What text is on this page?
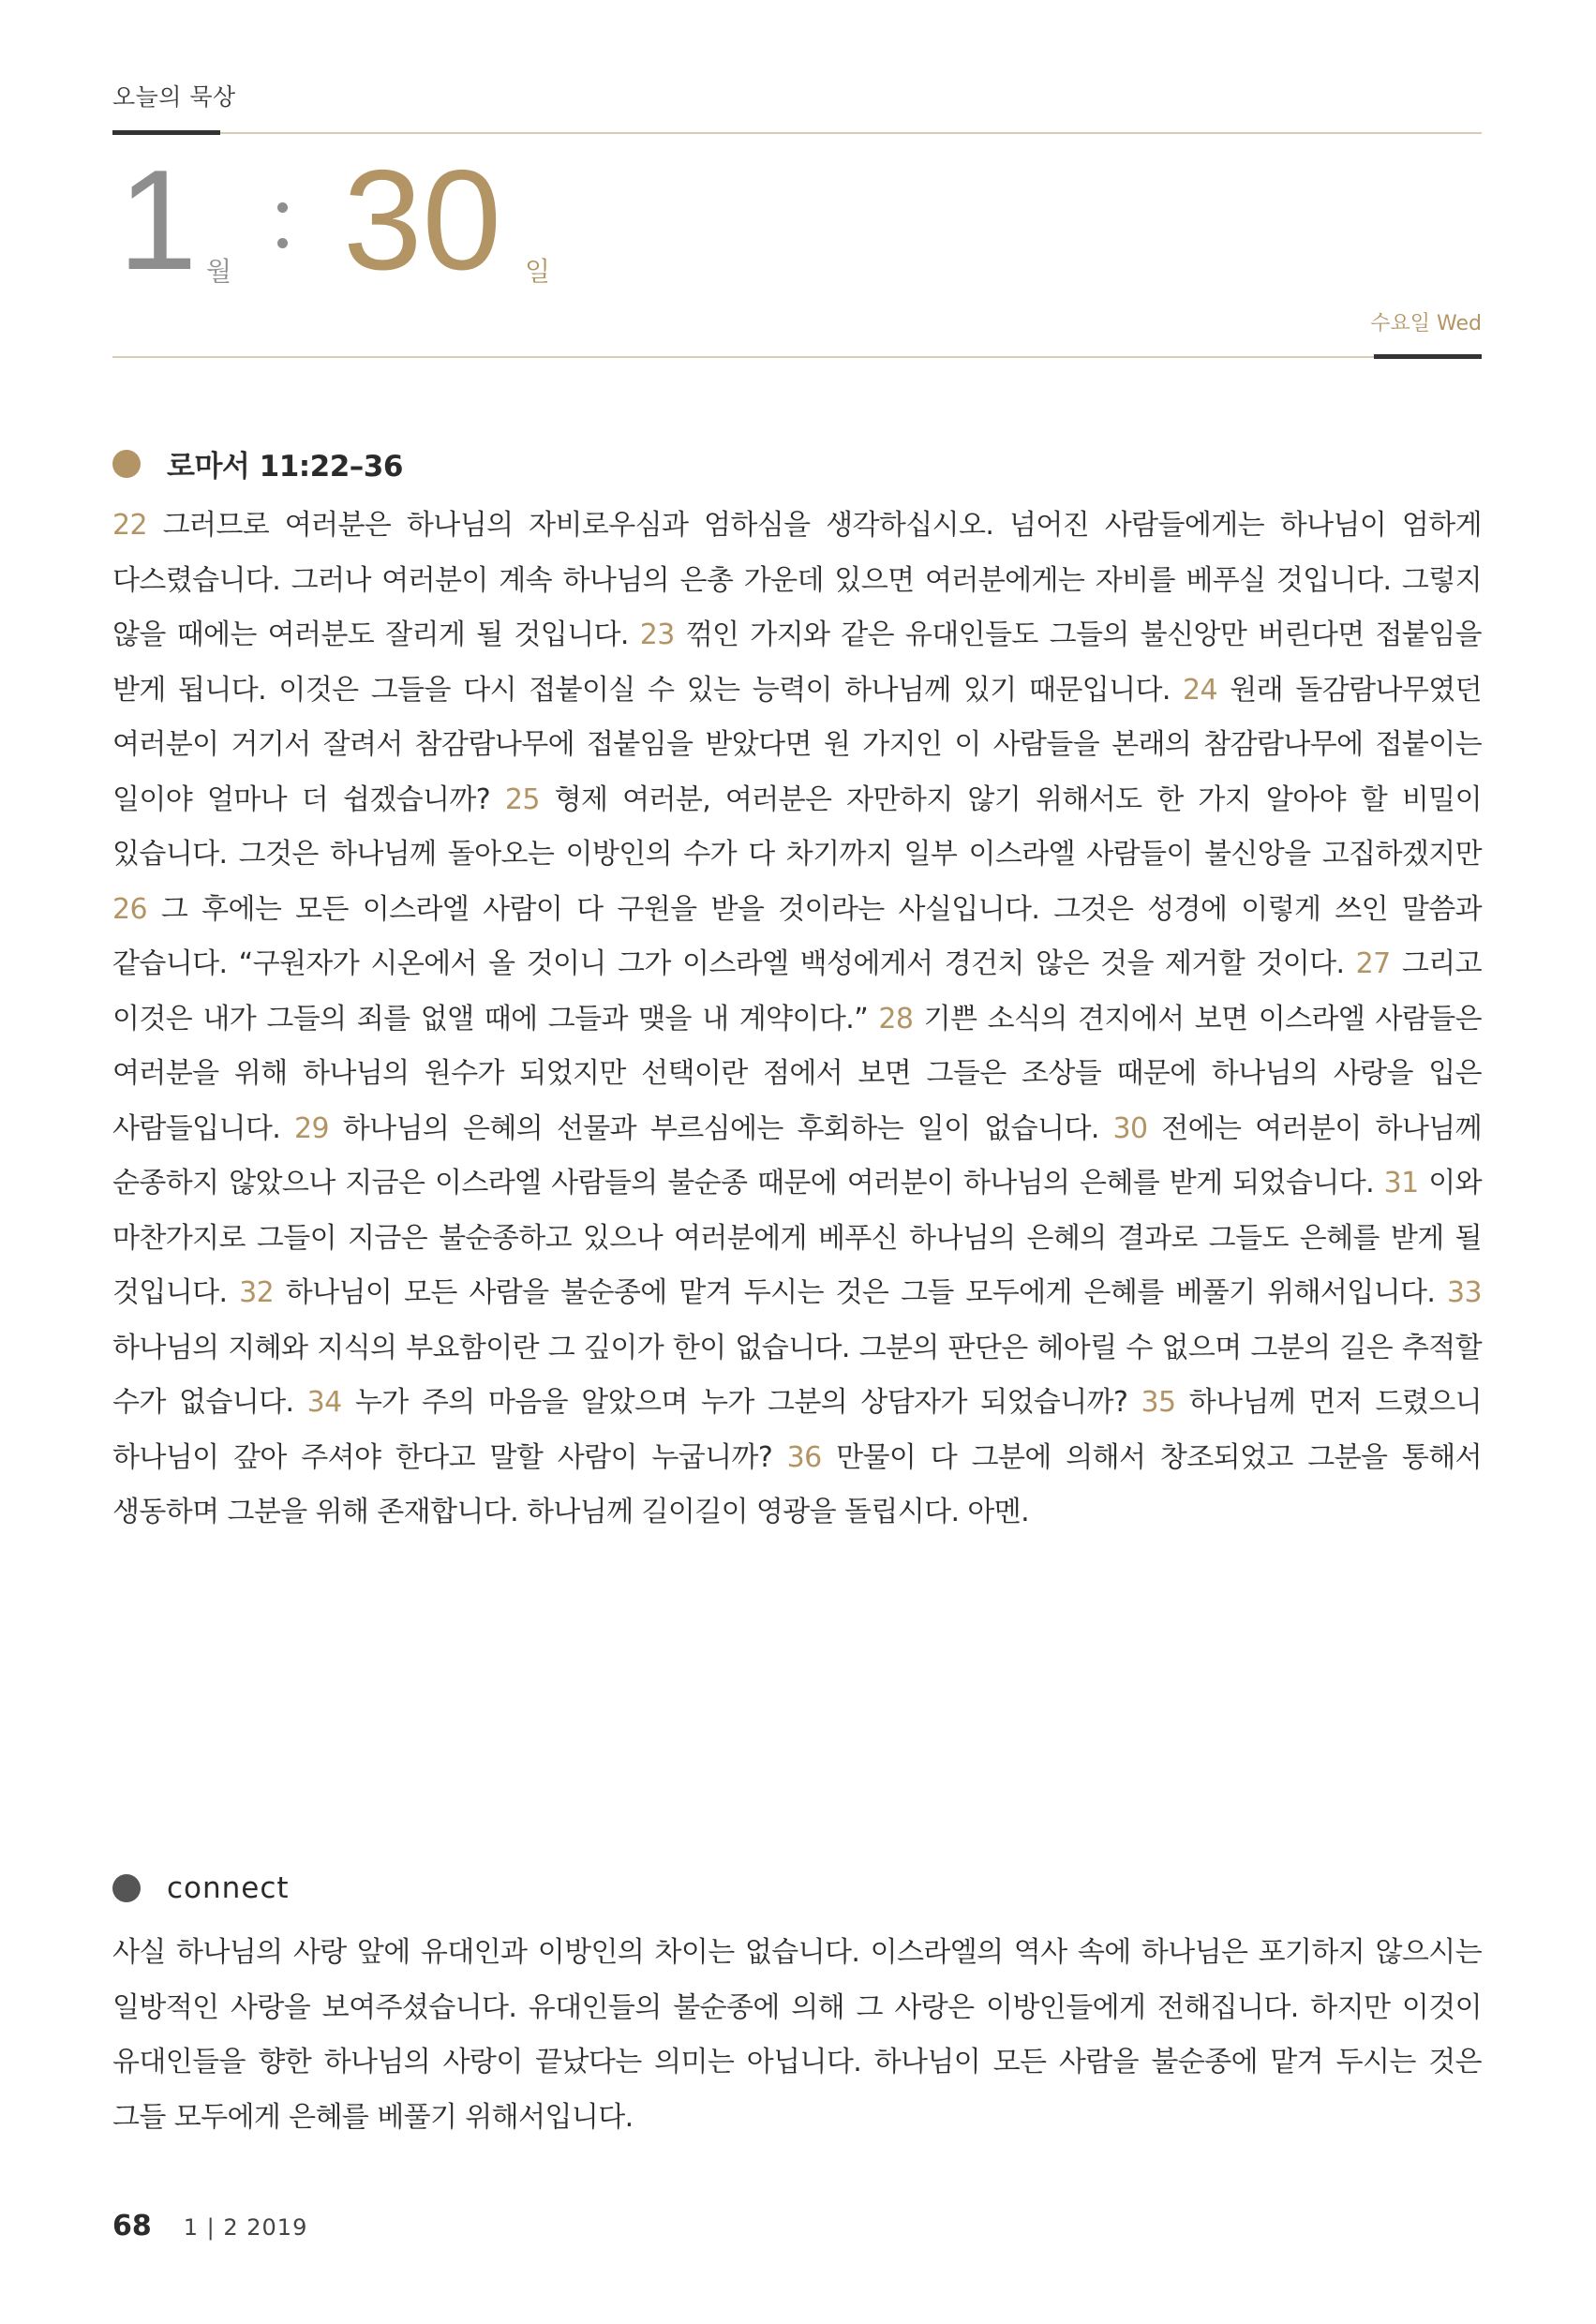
오늘의 묵상
1 월 30 일
수요일 Wed
로마서 11:22–36

22 그러므로 여러분은 하나님의 자비로우심과 엄하심을 생각하십시오. 넘어진 사람들에게는 하나님이 엄하게 다스렸습니다. 그러나 여러분이 계속 하나님의 은총 가운데 있으면 여러분에게는 자비를 베푸실 것입니다. 그렇지 않을 때에는 여러분도 잘리게 될 것입니다. 23 꺾인 가지와 같은 유대인들도 그들의 불신앙만 버린다면 접붙임을 받게 됩니다. 이것은 그들을 다시 접붙이실 수 있는 능력이 하나님께 있기 때문입니다. 24 원래 돌감람나무였던 여러분이 거기서 잘려서 참감람나무에 접붙임을 받았다면 원 가지인 이 사람들을 본래의 참감람나무에 접붙이는 일이야 얼마나 더 쉽겠습니까? 25 형제 여러분, 여러분은 자만하지 않기 위해서도 한 가지 알아야 할 비밀이 있습니다. 그것은 하나님께 돌아오는 이방인의 수가 다 차기까지 일부 이스라엘 사람들이 불신앙을 고집하겠지만 26 그 후에는 모든 이스라엘 사람이 다 구원을 받을 것이라는 사실입니다. 그것은 성경에 이렇게 쓰인 말씀과 같습니다. “구원자가 시온에서 올 것이니 그가 이스라엘 백성에게서 경건치 않은 것을 제거할 것이다. 27 그리고 이것은 내가 그들의 죄를 없앨 때에 그들과 맺을 내 계약이다.” 28 기쁜 소식의 견지에서 보면 이스라엘 사람들은 여러분을 위해 하나님의 원수가 되었지만 선택이란 점에서 보면 그들은 조상들 때문에 하나님의 사랑을 입은 사람들입니다. 29 하나님의 은혜의 선물과 부르심에는 후회하는 일이 없습니다. 30 전에는 여러분이 하나님께 순종하지 않았으나 지금은 이스라엘 사람들의 불순종 때문에 여러분이 하나님의 은혜를 받게 되었습니다. 31 이와 마찬가지로 그들이 지금은 불순종하고 있으나 여러분에게 베푸신 하나님의 은혜의 결과로 그들도 은혜를 받게 될 것입니다. 32 하나님이 모든 사람을 불순종에 맡겨 두시는 것은 그들 모두에게 은혜를 베풀기 위해서입니다. 33 하나님의 지혜와 지식의 부요함이란 그 깊이가 한이 없습니다. 그분의 판단은 헤아릴 수 없으며 그분의 길은 추적할 수가 없습니다. 34 누가 주의 마음을 알았으며 누가 그분의 상담자가 되었습니까? 35 하나님께 먼저 드렸으니 하나님이 갚아 주셔야 한다고 말할 사람이 누굽니까? 36 만물이 다 그분에 의해서 창조되었고 그분을 통해서 생동하며 그분을 위해 존재합니다. 하나님께 길이길이 영광을 돌립시다. 아멘.

connect

사실 하나님의 사랑 앞에 유대인과 이방인의 차이는 없습니다. 이스라엘의 역사 속에 하나님은 포기하지 않으시는 일방적인 사랑을 보여주셨습니다. 유대인들의 불순종에 의해 그 사랑은 이방인들에게 전해집니다. 하지만 이것이 유대인들을 향한 하나님의 사랑이 끝났다는 의미는 아닙니다. 하나님이 모든 사람을 불순종에 맡겨 두시는 것은 그들 모두에게 은혜를 베풀기 위해서입니다.

68 1 | 2 2019
